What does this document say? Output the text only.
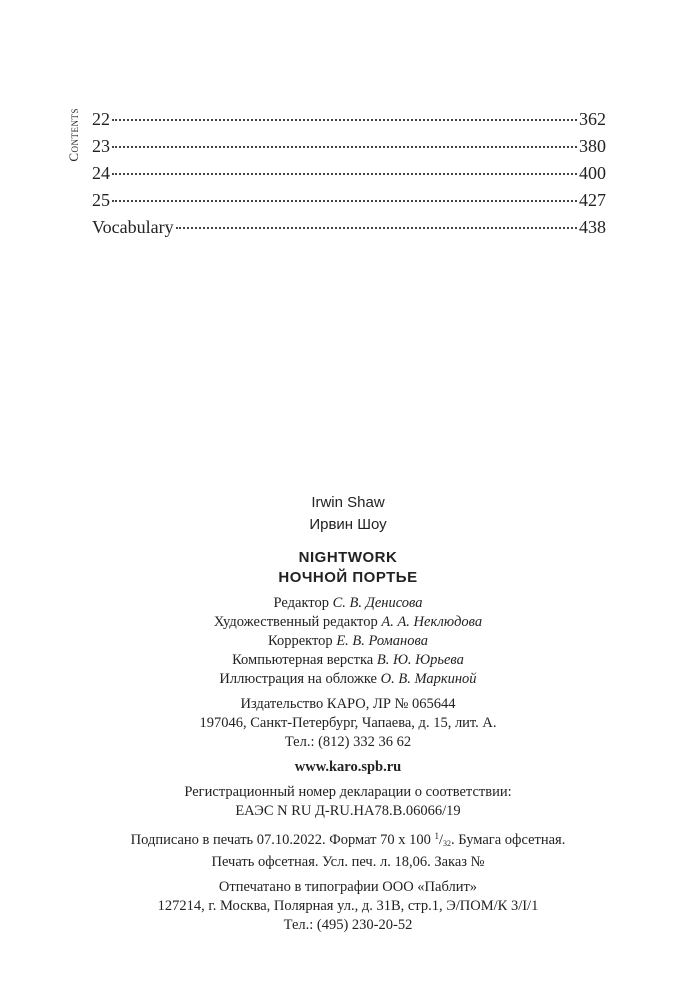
Contents 22	362
23	380
24	400
25	427
Vocabulary	438
Irwin Shaw
Ирвин Шоу
NIGHTWORK
НОЧНОЙ ПОРТЬЕ
Редактор С. В. Денисова
Художественный редактор А. А. Неклюдова
Корректор Е. В. Романова
Компьютерная верстка В. Ю. Юрьева
Иллюстрация на обложке О. В. Маркиной
Издательство КАРО, ЛР № 065644
197046, Санкт-Петербург, Чапаева, д. 15, лит. А.
Тел.: (812) 332 36 62
www.karo.spb.ru
Регистрационный номер декларации о соответствии:
ЕАЭС N RU Д-RU.НА78.В.06066/19
Подписано в печать 07.10.2022. Формат 70 х 100 $^1$/32. Бумага офсетная.
Печать офсетная. Усл. печ. л. 18,06. Заказ №
Отпечатано в типографии ООО «Паблит»
127214, г. Москва, Полярная ул., д. 31В, стр.1, Э/ПОМ/К 3/I/1
Тел.: (495) 230-20-52
